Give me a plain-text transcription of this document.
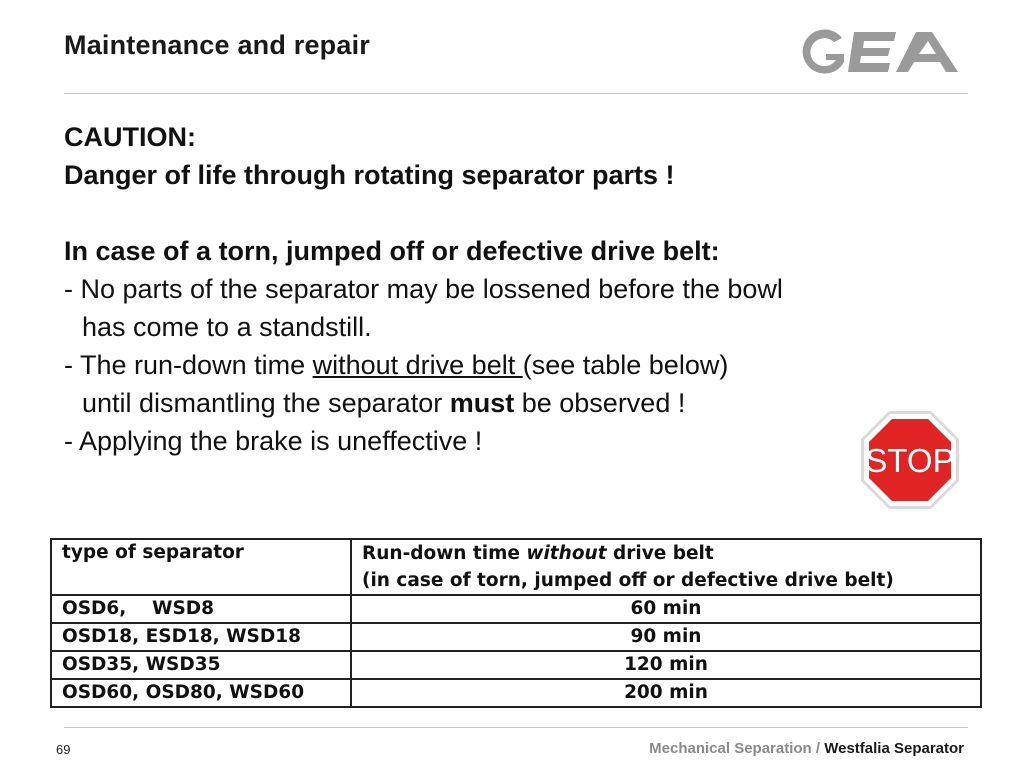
Maintenance and repair
CAUTION:
Danger of life through rotating separator parts !
In case of a torn, jumped off or defective drive belt:
- No parts of the separator may be lossened before the bowl
has come to a standstill.
- The run-down time without drive belt (see table below)
until dismantling the separator must be observed !
- Applying the brake is uneffective !
STOP
type of separator	Run-down time without drive belt
(in case of torn, jumped off or defective drive belt)
OSD6,    WSD8	60 min
OSD18, ESD18, WSD18	90 min
OSD35, WSD35	120 min
OSD60, OSD80, WSD60	200 min
69	Mechanical Separation / Westfalia Separator
